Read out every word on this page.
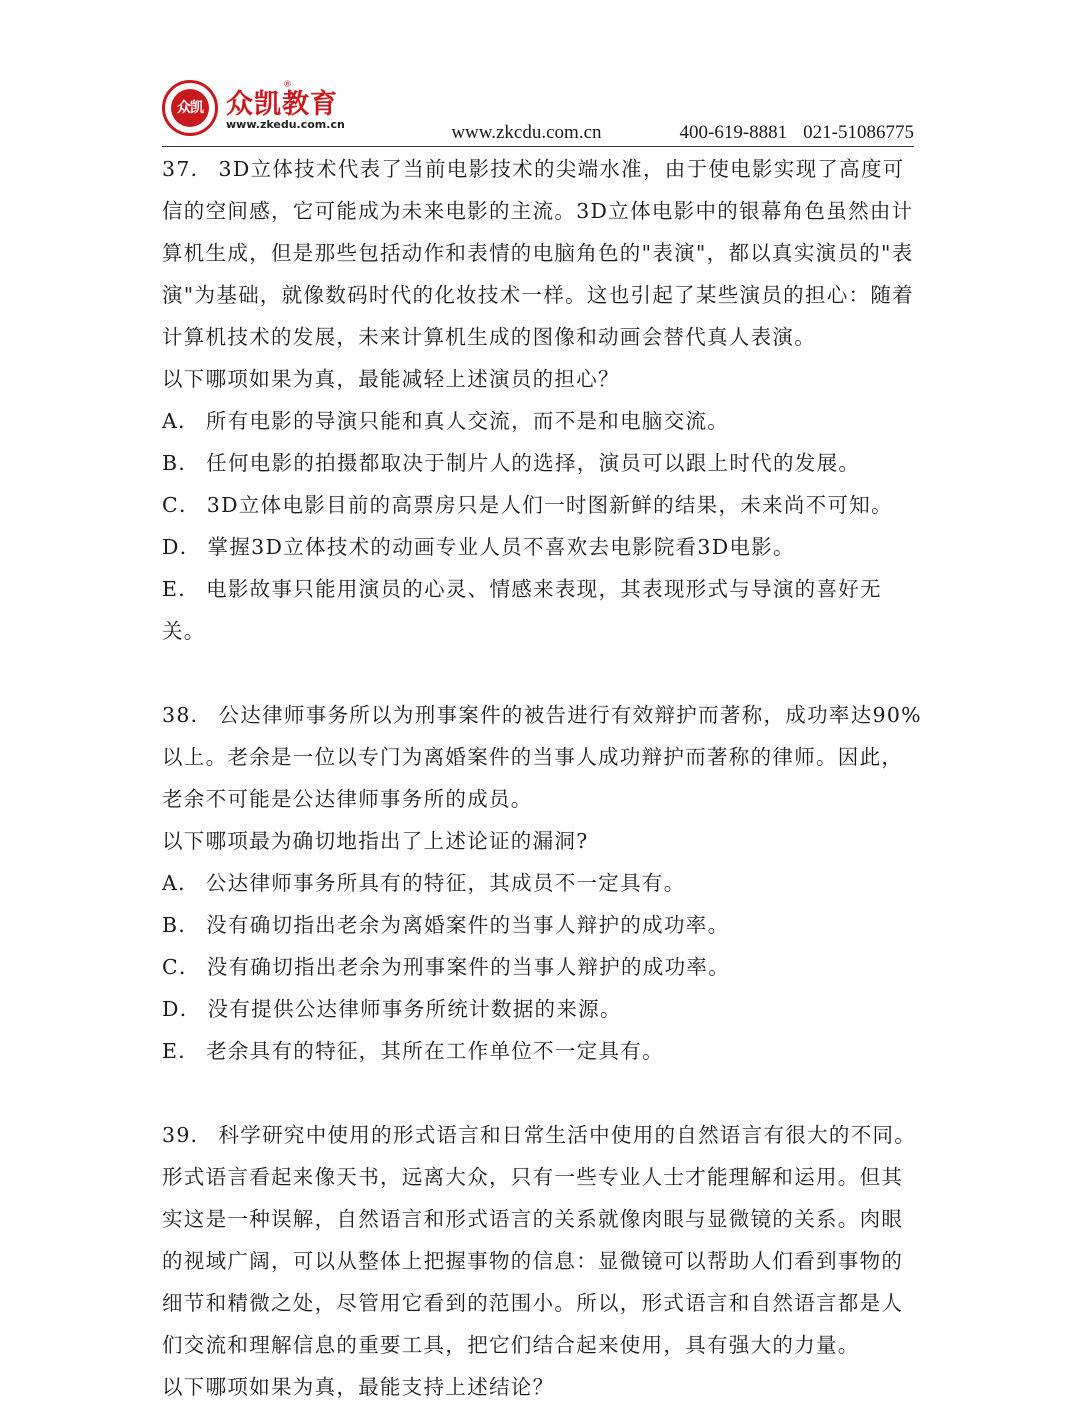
众凯 众凯教育
®
www.zkedu.com.cn	www.zkcdu.com.cn	400-619-8881 021-51086775

37． 3D立体技术代表了当前电影技术的尖端水准，由于使电影实现了高度可信的空间感，它可能成为未来电影的主流。3D立体电影中的银幕角色虽然由计算机生成，但是那些包括动作和表情的电脑角色的"表演"，都以真实演员的"表演"为基础，就像数码时代的化妆技术一样。这也引起了某些演员的担心：随着计算机技术的发展，未来计算机生成的图像和动画会替代真人表演。

以下哪项如果为真，最能减轻上述演员的担心？

A． 所有电影的导演只能和真人交流，而不是和电脑交流。

B． 任何电影的拍摄都取决于制片人的选择，演员可以跟上时代的发展。

C． 3D立体电影目前的高票房只是人们一时图新鲜的结果，未来尚不可知。

D． 掌握3D立体技术的动画专业人员不喜欢去电影院看3D电影。

E． 电影故事只能用演员的心灵、情感来表现，其表现形式与导演的喜好无关。

38． 公达律师事务所以为刑事案件的被告进行有效辩护而著称，成功率达90%以上。老余是一位以专门为离婚案件的当事人成功辩护而著称的律师。因此，老余不可能是公达律师事务所的成员。

以下哪项最为确切地指出了上述论证的漏洞?

A． 公达律师事务所具有的特征，其成员不一定具有。

B． 没有确切指出老余为离婚案件的当事人辩护的成功率。

C． 没有确切指出老余为刑事案件的当事人辩护的成功率。

D． 没有提供公达律师事务所统计数据的来源。

E． 老余具有的特征，其所在工作单位不一定具有。

39． 科学研究中使用的形式语言和日常生活中使用的自然语言有很大的不同。形式语言看起来像天书，远离大众，只有一些专业人士才能理解和运用。但其实这是一种误解，自然语言和形式语言的关系就像肉眼与显微镜的关系。肉眼的视域广阔，可以从整体上把握事物的信息：显微镜可以帮助人们看到事物的细节和精微之处，尽管用它看到的范围小。所以，形式语言和自然语言都是人们交流和理解信息的重要工具，把它们结合起来使用，具有强大的力量。

以下哪项如果为真，最能支持上述结论？
